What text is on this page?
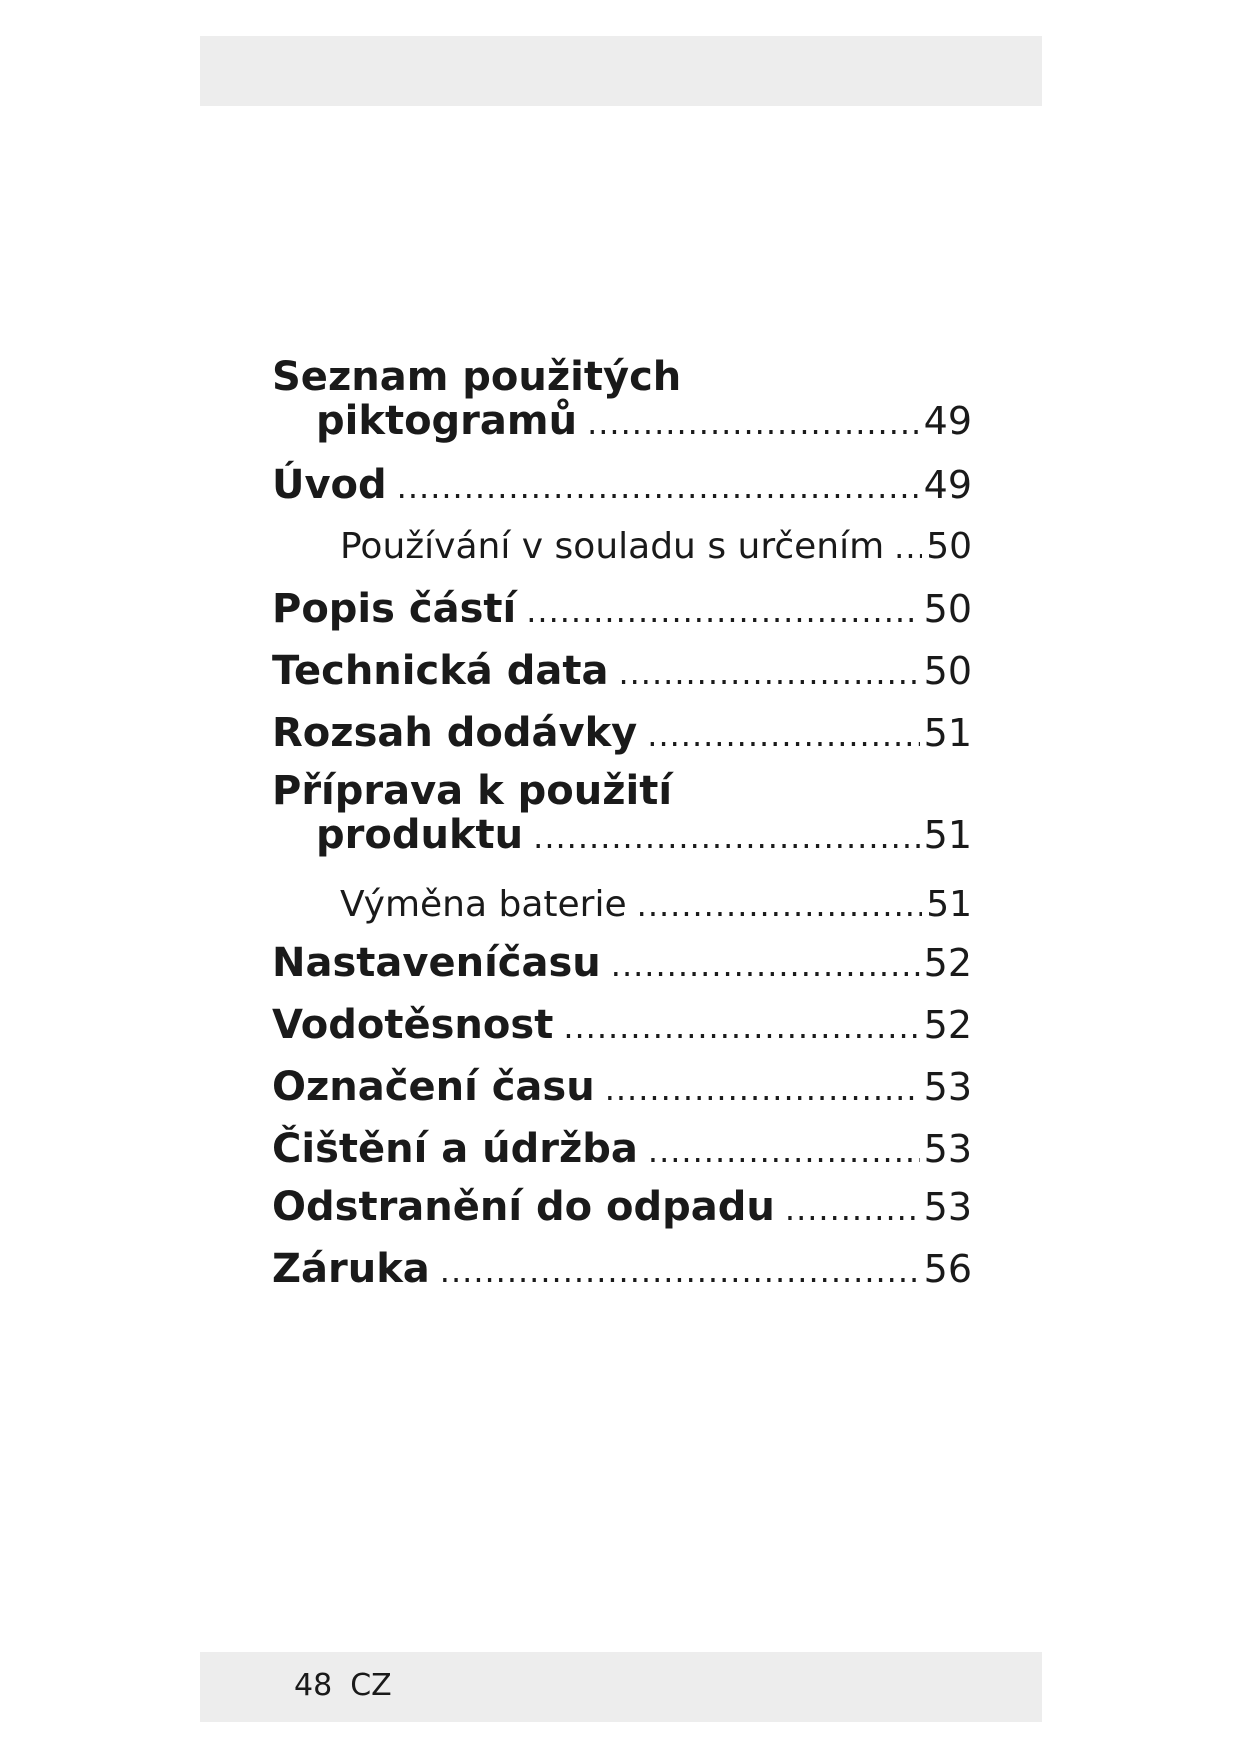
Seznam použitých
piktogramů .....	49
Úvod .....	49
Používání v souladu s určením ..... 50
Popis částí .....	50
Technická data .....	50
Rozsah dodávky .....	51
Příprava k použití
produktu .....	51
Výměna baterie .....	51
Nastaveníčasu .....	52
Vodotěsnost .....	52
Označení času .....	53
Čištění a údržba .....	53
Odstranění do odpadu .....	53
Záruka .....	56
48 CZ
